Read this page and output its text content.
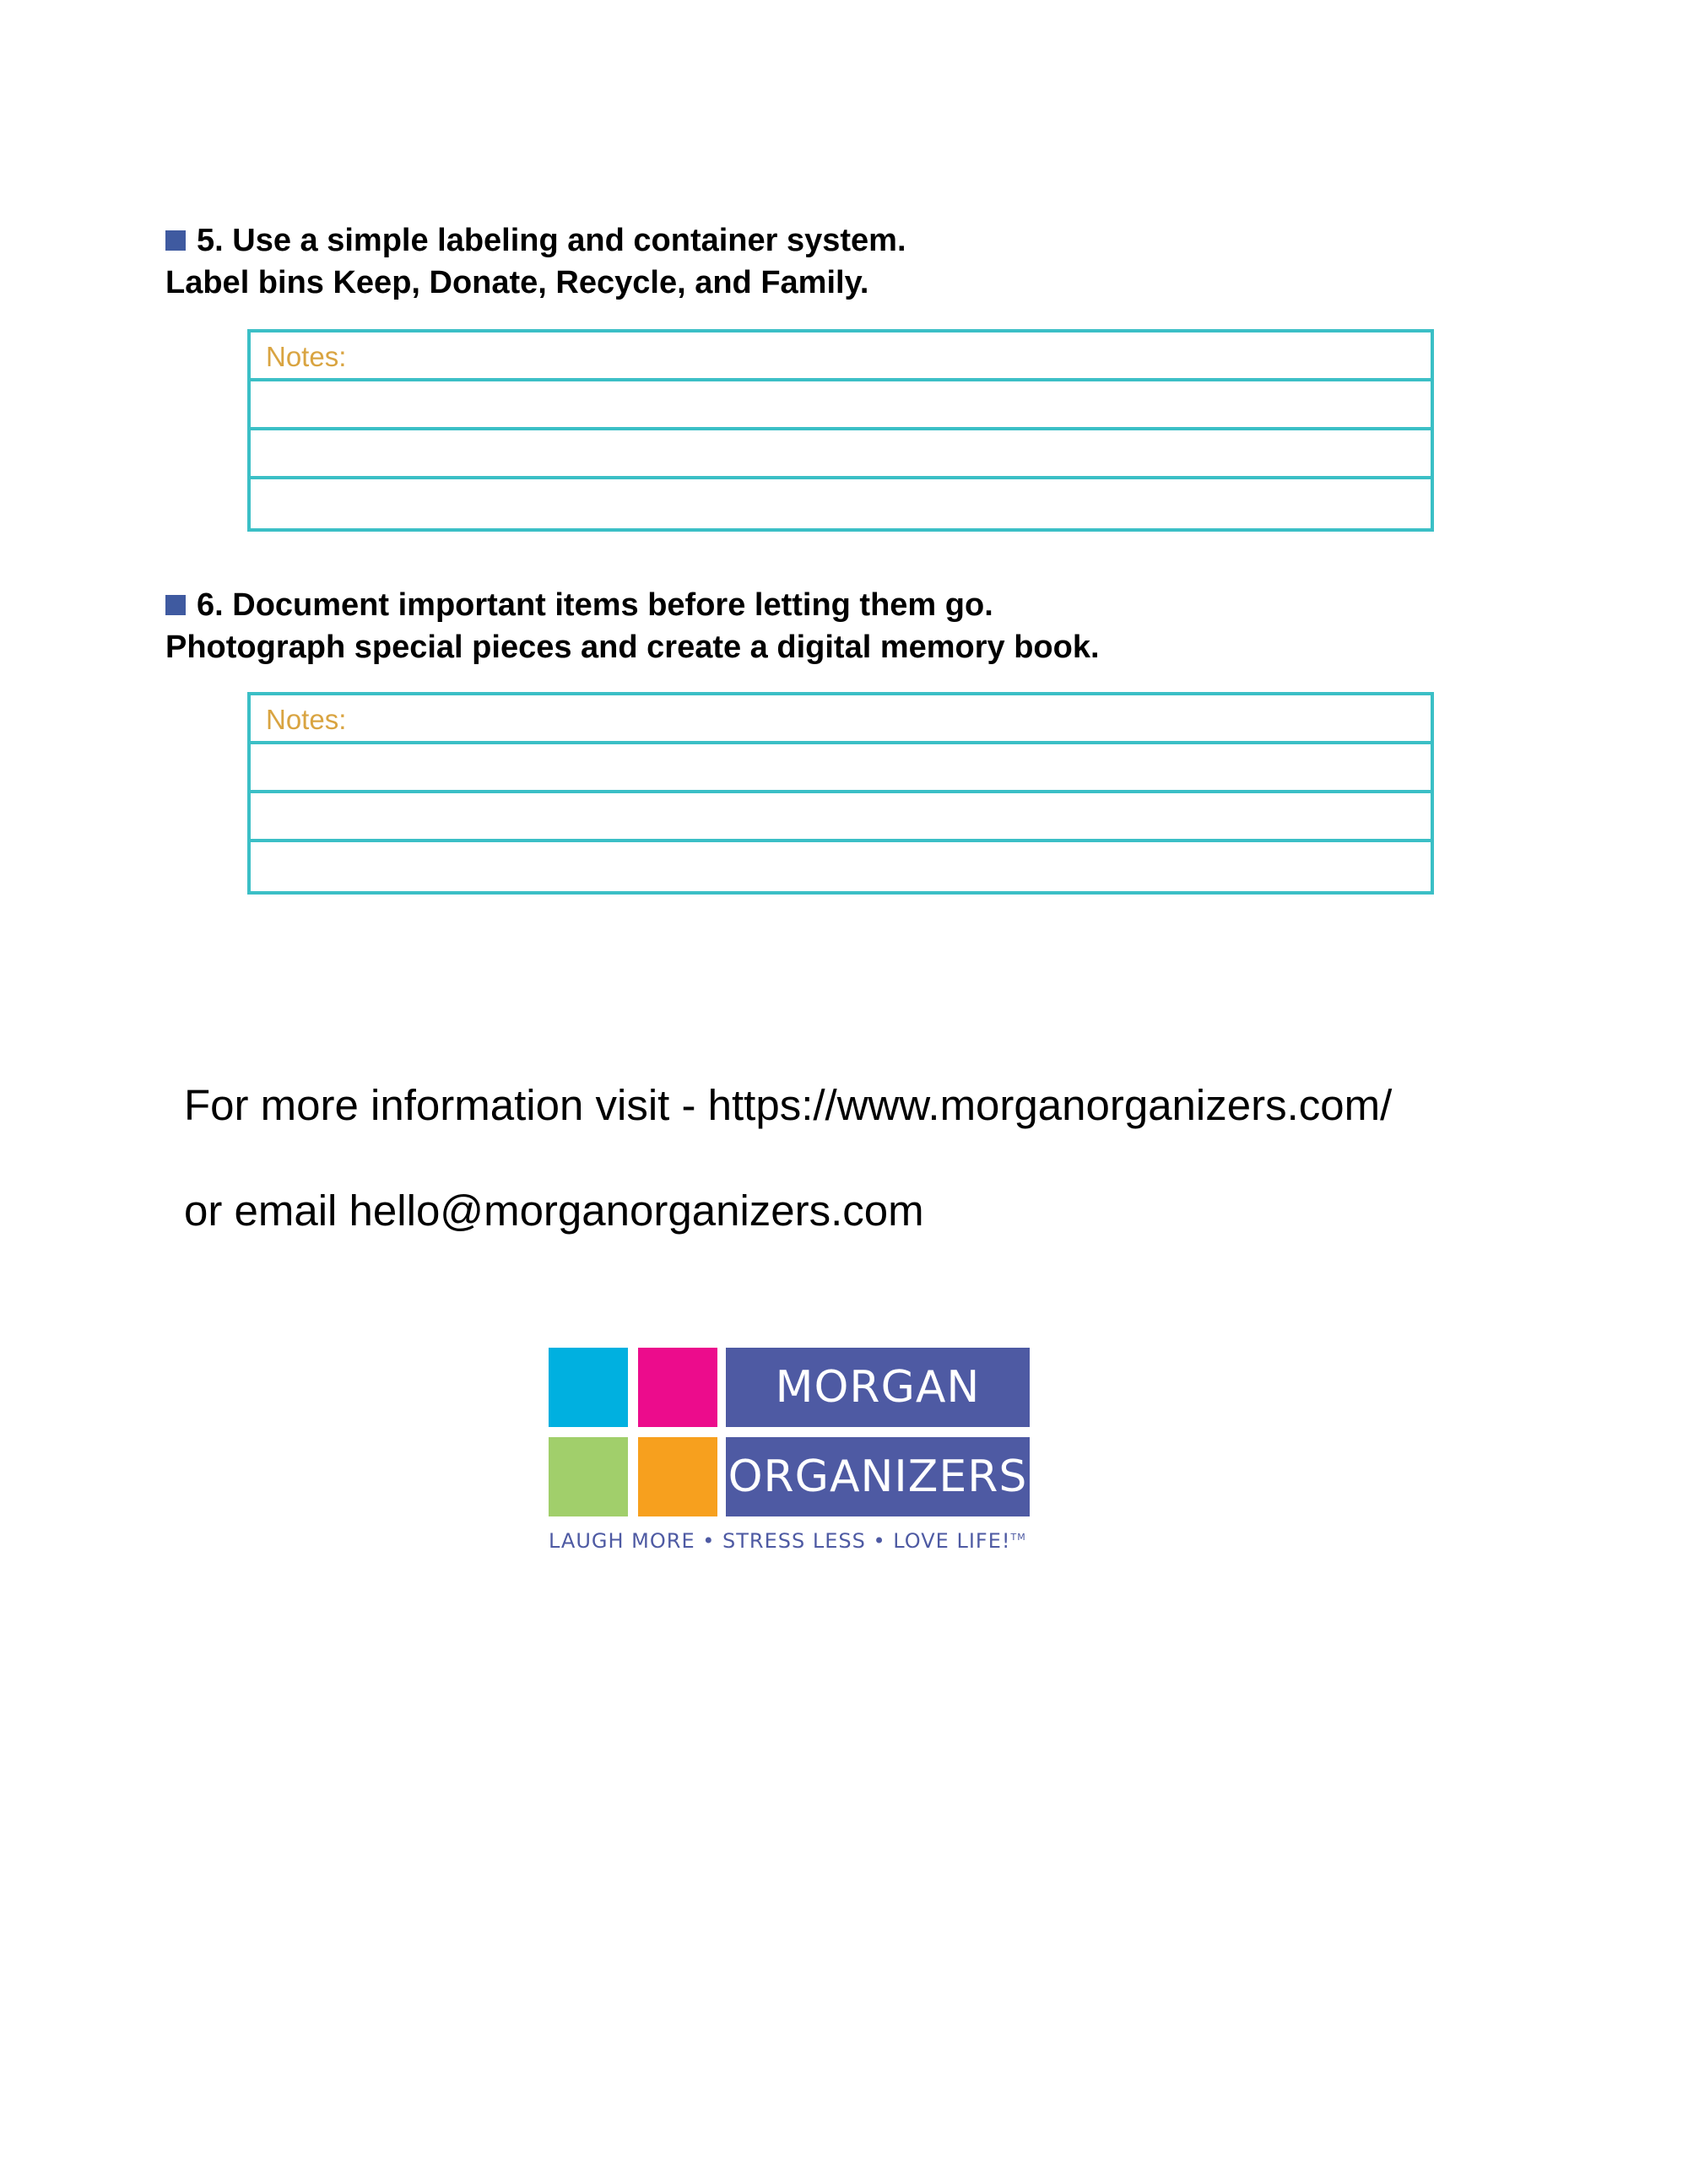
5. Use a simple labeling and container system.
Label bins Keep, Donate, Recycle, and Family.
Notes:
6. Document important items before letting them go.
Photograph special pieces and create a digital memory book.
Notes:
For more information visit - https://www.morganorganizers.com/
or email hello@morganorganizers.com
MORGAN
ORGANIZERS
LAUGH MORE • STRESS LESS • LOVE LIFE!™
